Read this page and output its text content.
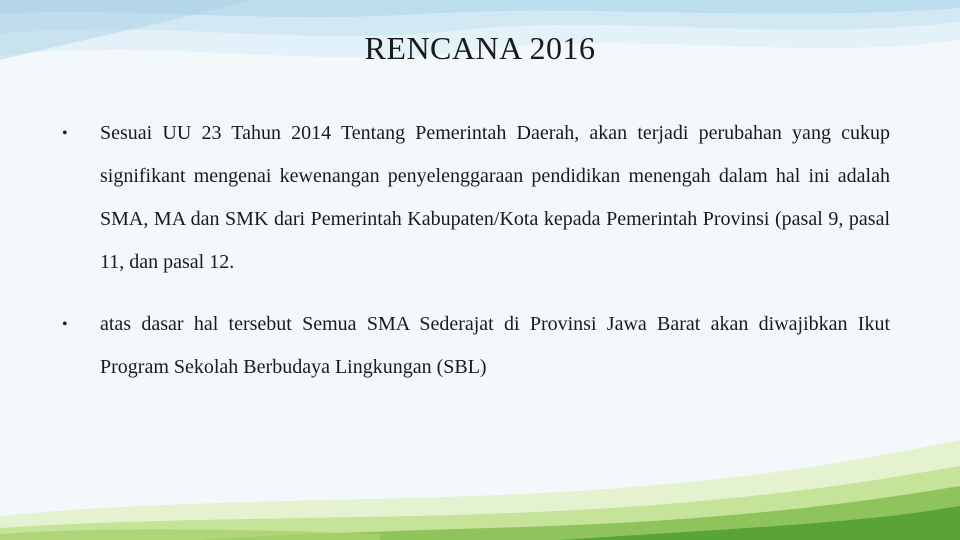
RENCANA 2016
• Sesuai UU 23 Tahun 2014 Tentang Pemerintah Daerah, akan terjadi perubahan yang cukup signifikant mengenai kewenangan penyelenggaraan pendidikan menengah dalam hal ini adalah SMA, MA dan SMK dari Pemerintah Kabupaten/Kota kepada Pemerintah Provinsi (pasal 9, pasal 11, dan pasal 12.
• atas dasar hal tersebut Semua SMA Sederajat di Provinsi Jawa Barat akan diwajibkan Ikut Program Sekolah Berbudaya Lingkungan (SBL)
